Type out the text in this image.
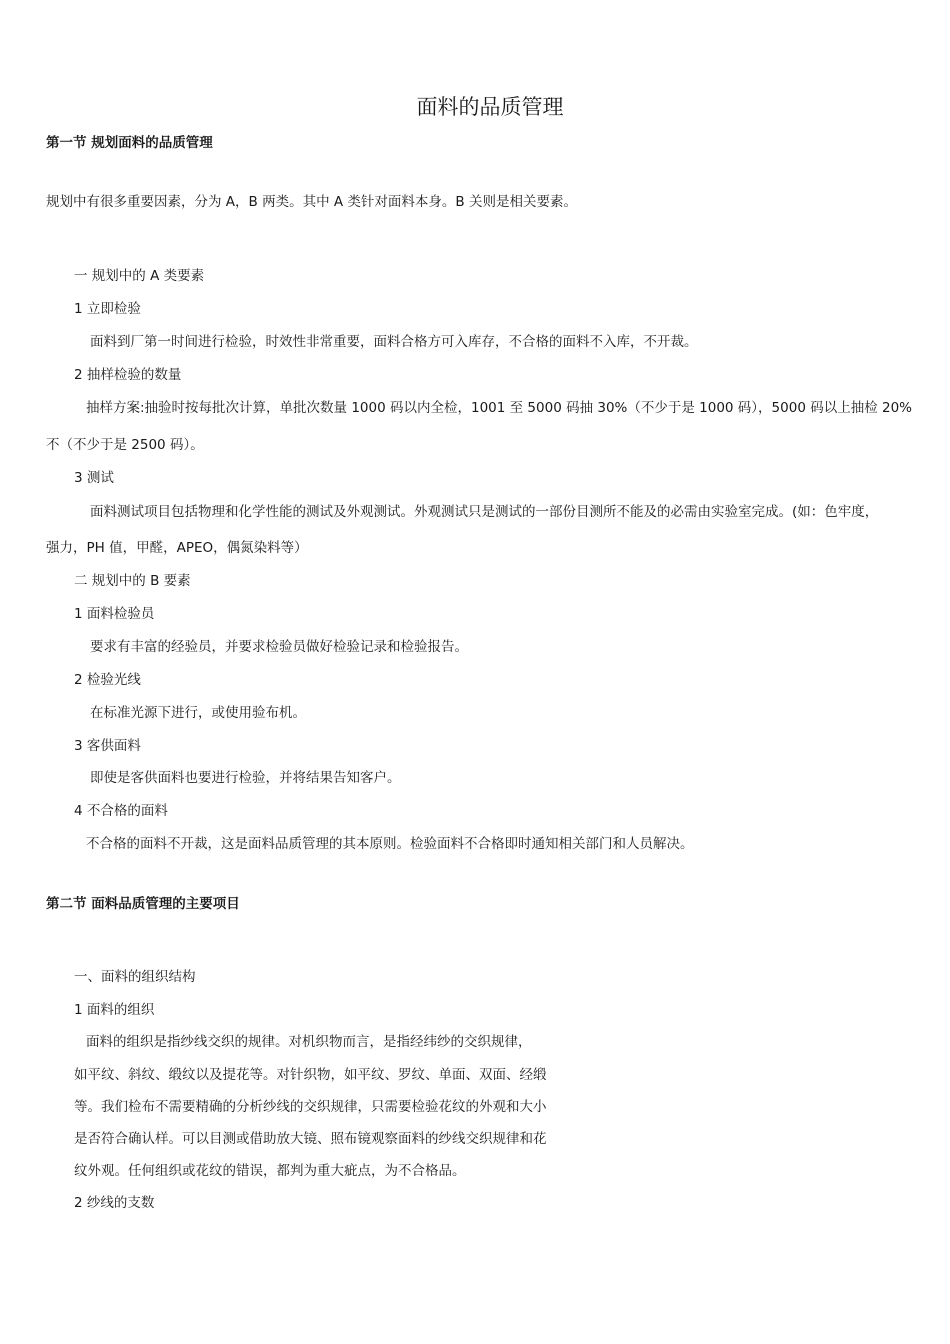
面料的品质管理
第一节 规划面料的品质管理
规划中有很多重要因素，分为 A，B 两类。其中 A 类针对面料本身。B 关则是相关要素。
一 规划中的 A 类要素
1 立即检验
面料到厂第一时间进行检验，时效性非常重要，面料合格方可入库存，不合格的面料不入库，不开裁。
2 抽样检验的数量
抽样方案:抽验时按每批次计算，单批次数量 1000 码以内全检，1001 至 5000 码抽 30%（不少于是 1000 码），5000 码以上抽检 20%
不（不少于是 2500 码）。
3 测试
面料测试项目包括物理和化学性能的测试及外观测试。外观测试只是测试的一部份目测所不能及的必需由实验室完成。(如：色牢度，
强力，PH 值，甲醛，APEO，偶氮染料等）
二 规划中的 B 要素
1 面料检验员
要求有丰富的经验员，并要求检验员做好检验记录和检验报告。
2 检验光线
在标准光源下进行，或使用验布机。
3 客供面料
即使是客供面料也要进行检验，并将结果告知客户。
4 不合格的面料
不合格的面料不开裁，这是面料品质管理的其本原则。检验面料不合格即时通知相关部门和人员解决。
第二节 面料品质管理的主要项目
一、面料的组织结构
1 面料的组织
面料的组织是指纱线交织的规律。对机织物而言，是指经纬纱的交织规律，
如平纹、斜纹、缎纹以及提花等。对针织物，如平纹、罗纹、单面、双面、经缎
等。我们检布不需要精确的分析纱线的交织规律，只需要检验花纹的外观和大小
是否符合确认样。可以目测或借助放大镜、照布镜观察面料的纱线交织规律和花
纹外观。任何组织或花纹的错误，都判为重大疵点，为不合格品。
2 纱线的支数
